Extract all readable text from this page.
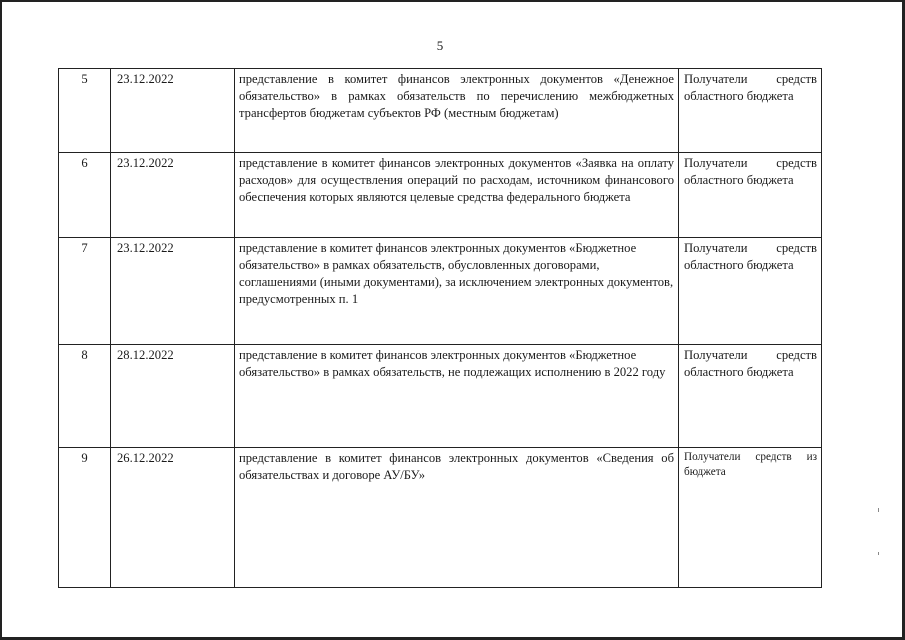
5
5	23.12.2022	представление в комитет финансов электронных документов «Денежное обязательство» в рамках обязательств по перечислению межбюджетных трансфертов бюджетам субъектов РФ (местным бюджетам)	Получатели средств областного бюджета
6	23.12.2022	представление в комитет финансов электронных документов «Заявка на оплату расходов» для осуществления операций по расходам, источником финансового обеспечения которых являются целевые средства федерального бюджета	Получатели средств областного бюджета
7	23.12.2022	представление в комитет финансов электронных документов «Бюджетное обязательство» в рамках обязательств, обусловленных договорами, соглашениями (иными документами), за исключением электронных документов, предусмотренных п. 1	Получатели средств областного бюджета
8	28.12.2022	представление в комитет финансов электронных документов «Бюджетное обязательство» в рамках обязательств, не подлежащих исполнению в 2022 году	Получатели средств областного бюджета
9	26.12.2022	представление в комитет финансов электронных документов «Сведения об обязательствах и договоре АУ/БУ»	Получатели средств из бюджета
